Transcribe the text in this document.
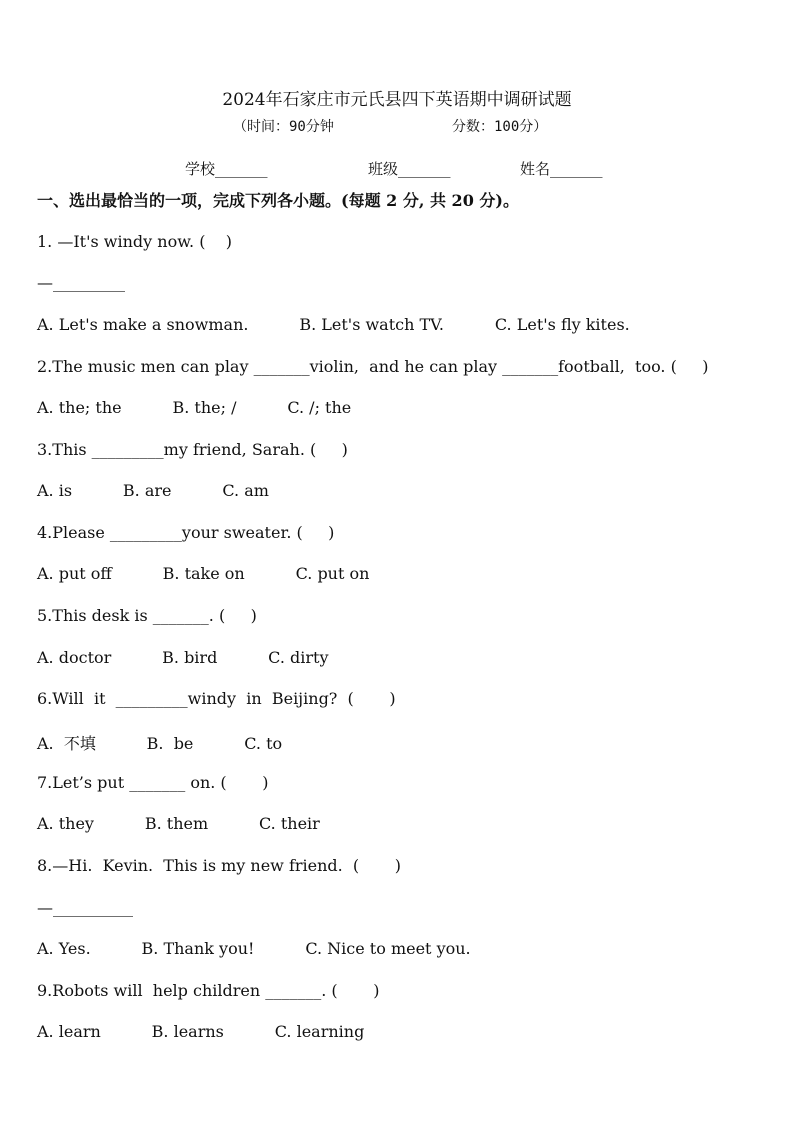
2024年石家庄市元氏县四下英语期中调研试题
（时间：90分钟	分数：100分）
学校_______	班级_______	姓名_______
一、选出最恰当的一项，完成下列各小题。(每题 2 分, 共 20 分)。
1. —It's windy now. (    )
—_________
A. Let's make a snowman.          B. Let's watch TV.          C. Let's fly kites.
2.The music men can play _______violin,  and he can play _______football,  too. (     )
A. the; the          B. the; /          C. /; the
3.This _________my friend, Sarah. (     )
A. is          B. are          C. am
4.Please _________your sweater. (     )
A. put off          B. take on          C. put on
5.This desk is _______. (     )
A. doctor          B. bird          C. dirty
6.Will  it  _________windy  in  Beijing?  (       )
A.  不填          B.  be          C. to
7.Let’s put _______ on. (       )
A. they          B. them          C. their
8.—Hi.  Kevin.  This is my new friend.  (       )
—__________
A. Yes.          B. Thank you!          C. Nice to meet you.
9.Robots will  help children _______. (       )
A. learn          B. learns          C. learning
